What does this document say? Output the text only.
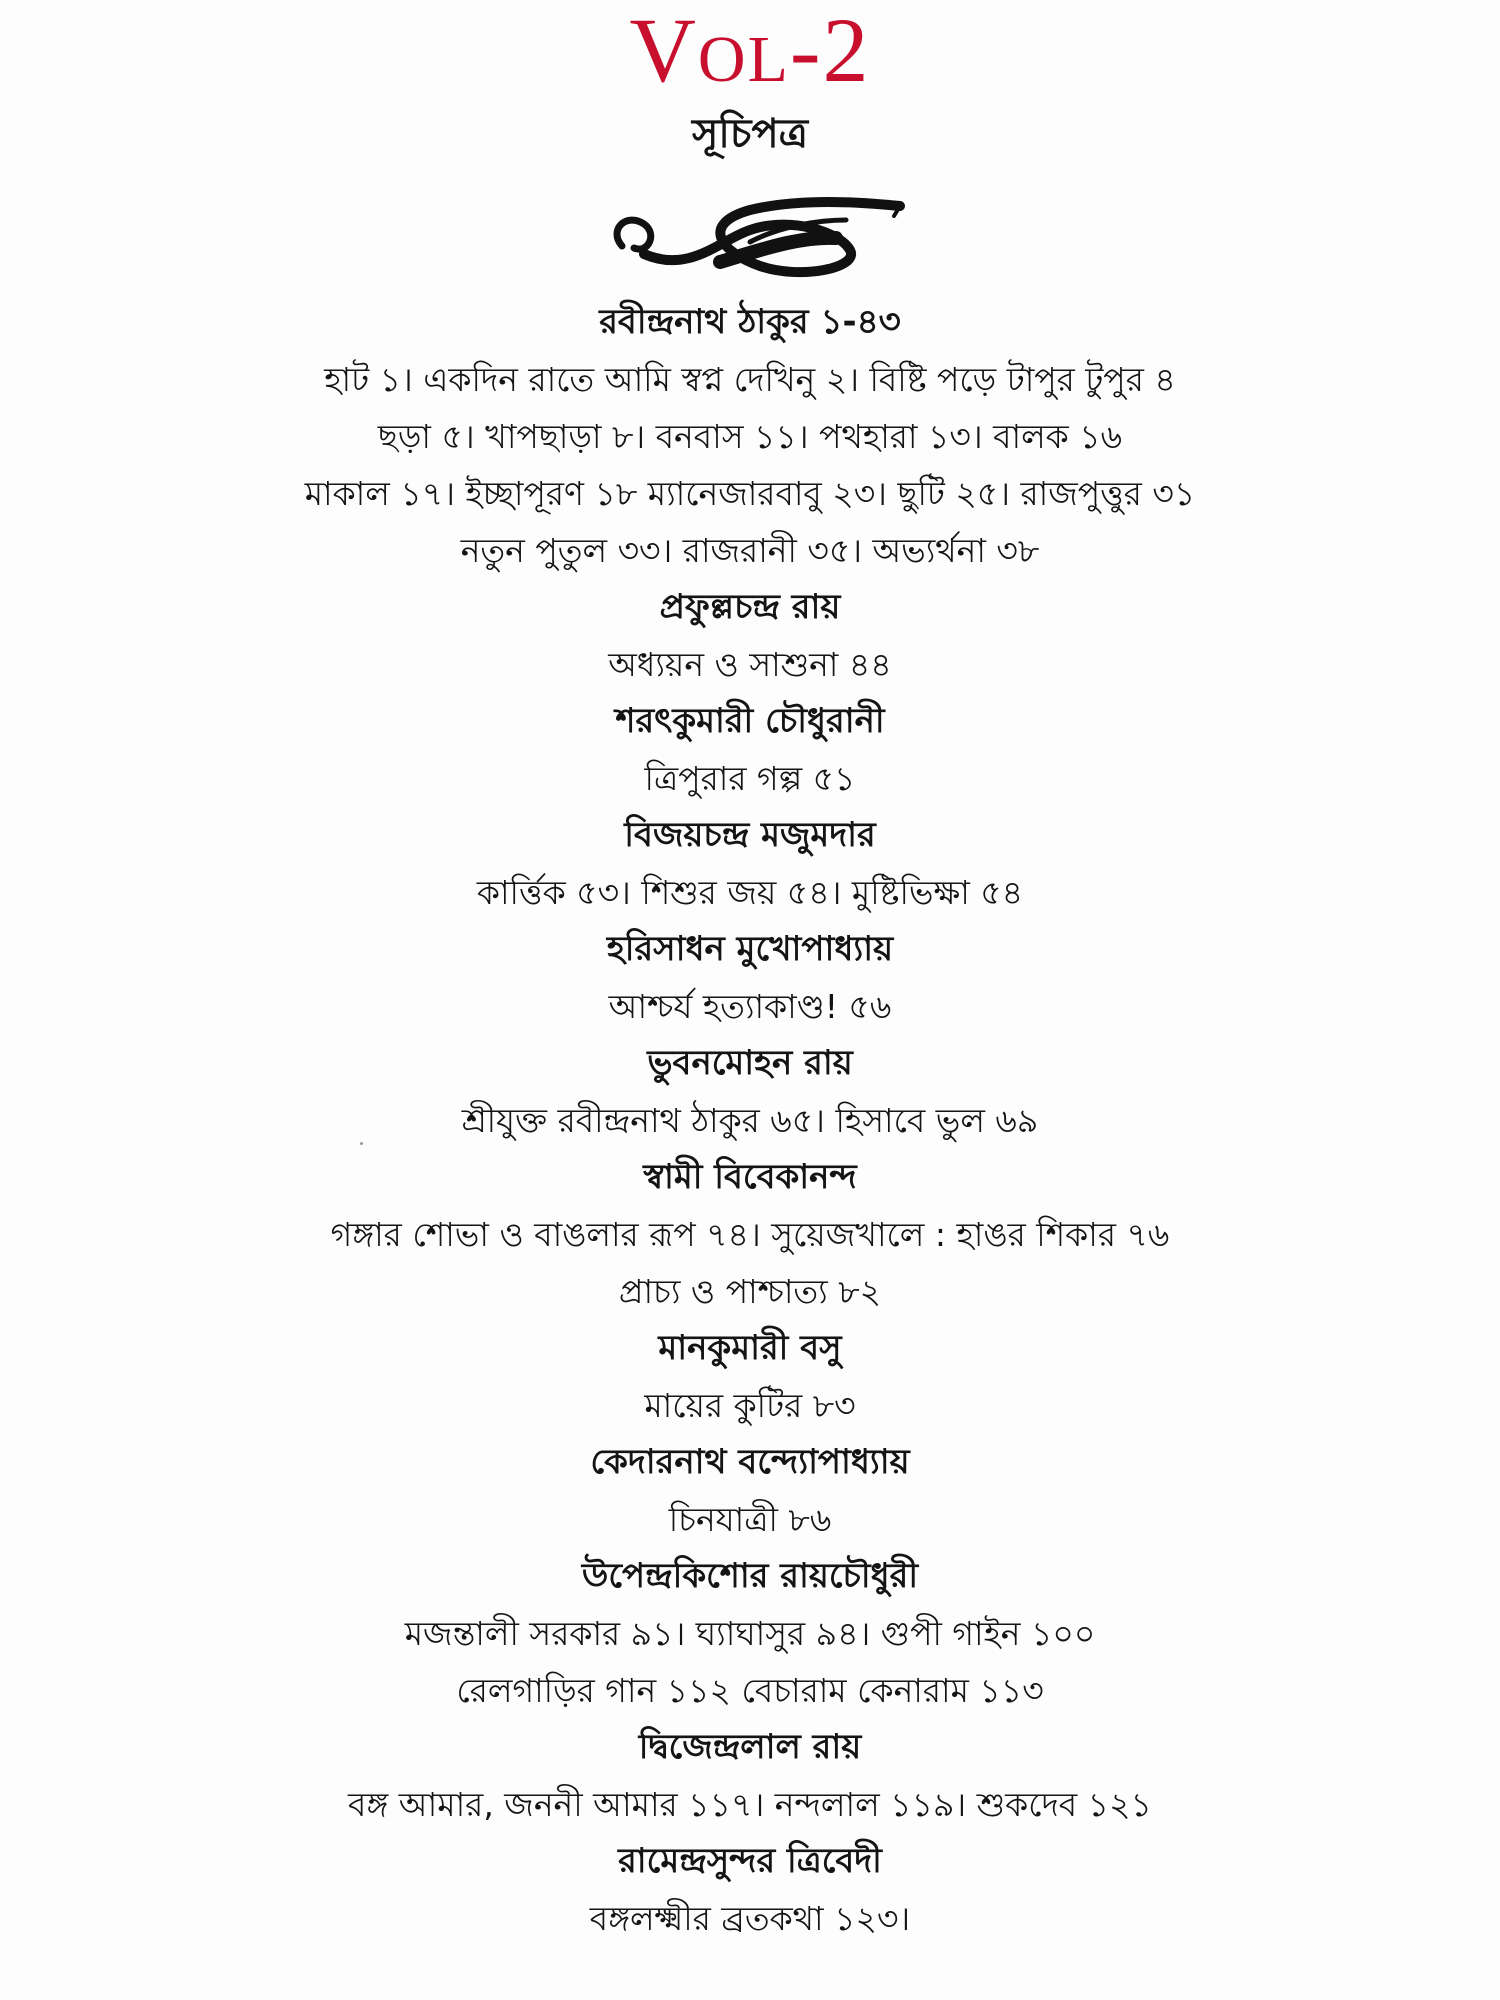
VOL-2
সূচিপত্র
রবীন্দ্রনাথ ঠাকুর ১-৪৩
হাট ১। একদিন রাতে আমি স্বপ্ন দেখিনু ২। বিষ্টি পড়ে টাপুর টুপুর ৪
ছড়া ৫। খাপছাড়া ৮। বনবাস ১১। পথহারা ১৩। বালক ১৬
মাকাল ১৭। ইচ্ছাপূরণ ১৮ ম্যানেজারবাবু ২৩। ছুটি ২৫। রাজপুত্তুর ৩১
নতুন পুতুল ৩৩। রাজরানী ৩৫। অভ্যর্থনা ৩৮
প্রফুল্লচন্দ্র রায়
অধ্যয়ন ও সাশুনা ৪৪
শরৎকুমারী চৌধুরানী
ত্রিপুরার গল্প ৫১
বিজয়চন্দ্র মজুমদার
কার্ত্তিক ৫৩। শিশুর জয় ৫৪। মুষ্টিভিক্ষা ৫৪
হরিসাধন মুখোপাধ্যায়
আশ্চর্য হত্যাকাণ্ড! ৫৬
ভুবনমোহন রায়
শ্রীযুক্ত রবীন্দ্রনাথ ঠাকুর ৬৫। হিসাবে ভুল ৬৯
স্বামী বিবেকানন্দ
গঙ্গার শোভা ও বাঙলার রূপ ৭৪। সুয়েজখালে : হাঙর শিকার ৭৬
প্রাচ্য ও পাশ্চাত্য ৮২
মানকুমারী বসু
মায়ের কুটির ৮৩
কেদারনাথ বন্দ্যোপাধ্যায়
চিনযাত্রী ৮৬
উপেন্দ্রকিশোর রায়চৌধুরী
মজন্তালী সরকার ৯১। ঘ্যাঘাসুর ৯৪। গুপী গাইন ১০০
রেলগাড়ির গান ১১২ বেচারাম কেনারাম ১১৩
দ্বিজেন্দ্রলাল রায়
বঙ্গ আমার, জননী আমার ১১৭। নন্দলাল ১১৯। শুকদেব ১২১
রামেন্দ্রসুন্দর ত্রিবেদী
বঙ্গলক্ষ্মীর ব্রতকথা ১২৩।
